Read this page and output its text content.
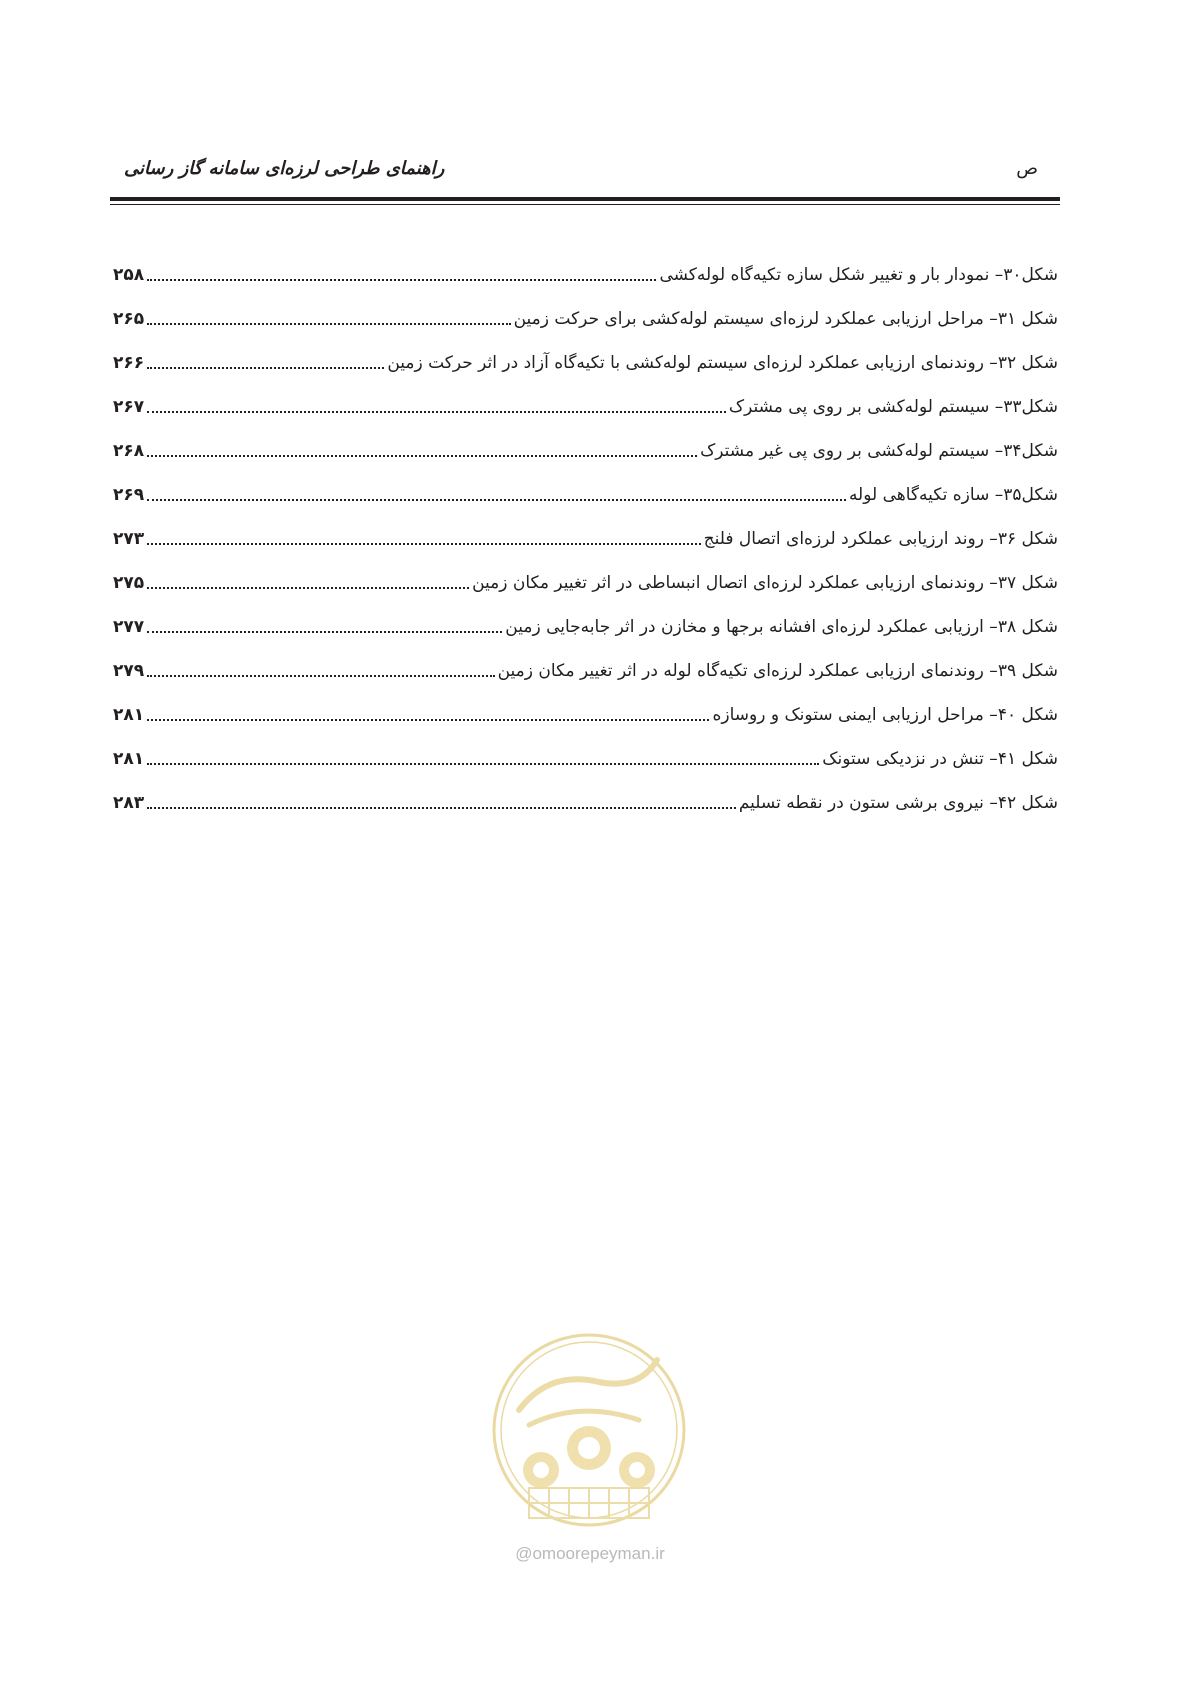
راهنمای طراحی لرزه‌ای سامانه گاز رسانی	ص
شکل۳۰– نمودار بار و تغییر شکل سازه تکیه‌گاه لوله‌کشی
۲۵۸
شکل ۳۱– مراحل ارزیابی عملکرد لرزه‌ای سیستم لوله‌کشی برای حرکت زمین
۲۶۵
شکل ۳۲– روندنمای ارزیابی عملکرد لرزه‌ای سیستم لوله‌کشی با تکیه‌گاه آزاد در اثر حرکت زمین
۲۶۶
شکل۳۳– سیستم لوله‌کشی بر روی پی مشترک
۲۶۷
شکل۳۴– سیستم لوله‌کشی بر روی پی غیر مشترک
۲۶۸
شکل۳۵– سازه تکیه‌گاهی لوله
۲۶۹
شکل ۳۶– روند ارزیابی عملکرد لرزه‌ای اتصال فلنج
۲۷۳
شکل ۳۷– روندنمای ارزیابی عملکرد لرزه‌ای اتصال انبساطی در اثر تغییر مکان زمین
۲۷۵
شکل ۳۸– ارزیابی عملکرد لرزه‌ای افشانه برجها و مخازن در اثر جابه‌جایی زمین
۲۷۷
شکل ۳۹– روندنمای ارزیابی عملکرد لرزه‌ای تکیه‌گاه لوله در اثر تغییر مکان زمین
۲۷۹
شکل ۴۰– مراحل ارزیابی ایمنی ستونک و روسازه
۲۸۱
شکل ۴۱– تنش در نزدیکی ستونک
۲۸۱
شکل ۴۲– نیروی برشی ستون در نقطه تسلیم
۲۸۳
@omoorepeyman.ir
